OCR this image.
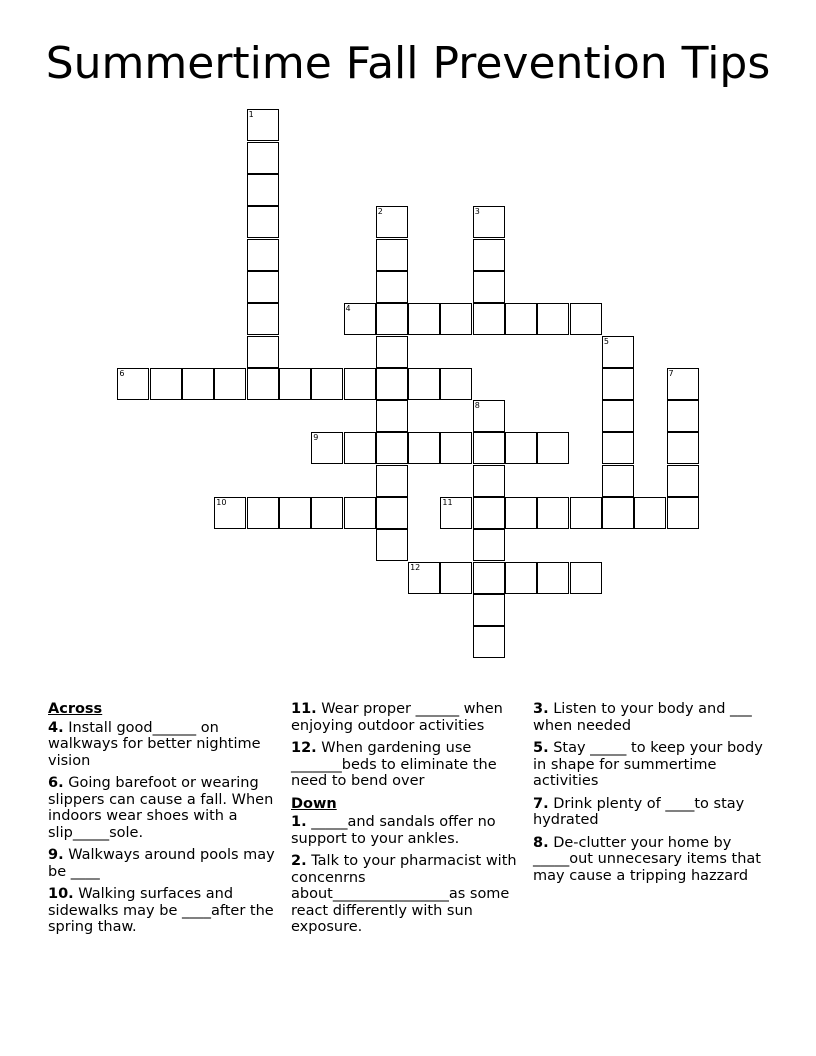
Summertime Fall Prevention Tips
1
2	3
4
5
6	7
8
9
10	11
12
Across
4. Install good______ on walkways for better nightime vision
6. Going barefoot or wearing slippers can cause a fall. When indoors wear shoes with a slip_____sole.
9. Walkways around pools may be ____
10. Walking surfaces and sidewalks may be ____after the spring thaw.
11. Wear proper ______ when enjoying outdoor activities
12. When gardening use _______beds to eliminate the need to bend over
Down
1. _____and sandals offer no support to your ankles.
2. Talk to your pharmacist with concenrns about________________as some react differently with sun exposure.
3. Listen to your body and ___ when needed
5. Stay _____ to keep your body in shape for summertime activities
7. Drink plenty of ____to stay hydrated
8. De-clutter your home by _____out unnecesary items that may cause a tripping hazzard
